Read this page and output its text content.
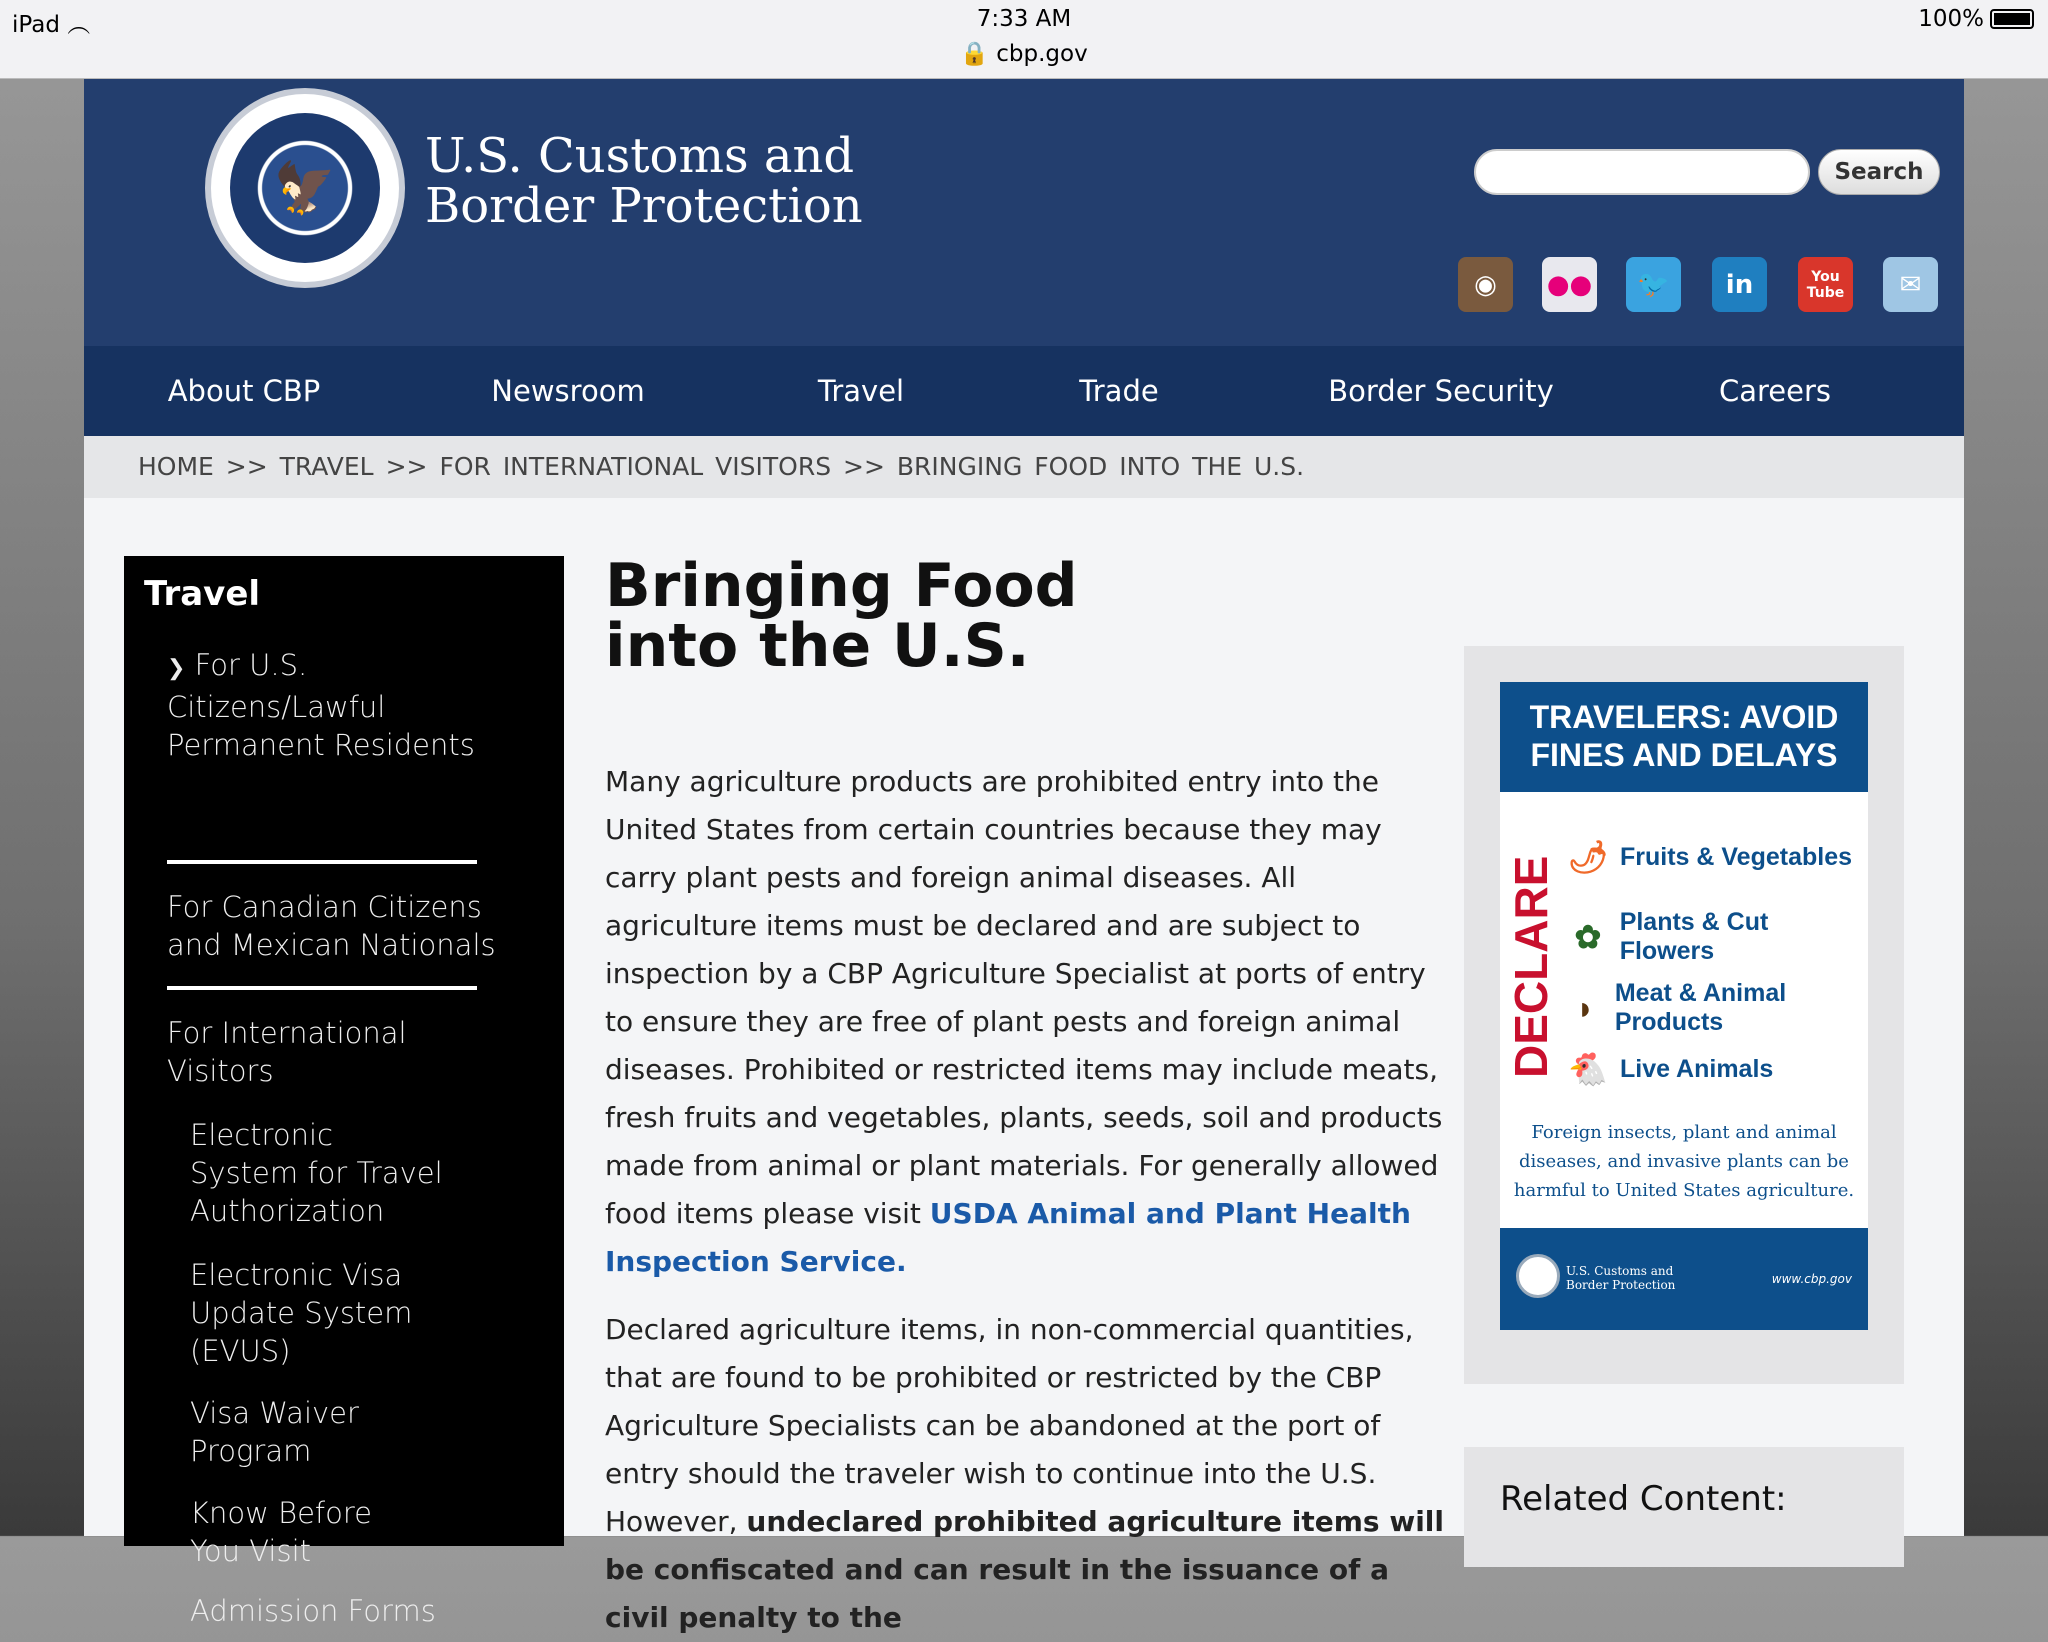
iPad ︵	7:33 AM
🔒 cbp.gov
100%
🦅
U.S. Customs and
Border Protection
Search
◉	●●	🐦	in	You Tube	✉
About CBP	Newsroom	Travel	Trade	Border Security	Careers
HOME >> TRAVEL >> FOR INTERNATIONAL VISITORS >> BRINGING FOOD INTO THE U.S.
Travel
❯ For U.S. Citizens/Lawful Permanent Residents
For Canadian Citizens and Mexican Nationals
For International Visitors
Electronic System for Travel Authorization
Electronic Visa Update System (EVUS)
Visa Waiver Program
Know Before You Visit
Admission Forms
Bringing Food into the U.S.

Many agriculture products are prohibited entry into the United States from certain countries because they may carry plant pests and foreign animal diseases. All agriculture items must be declared and are subject to inspection by a CBP Agriculture Specialist at ports of entry to ensure they are free of plant pests and foreign animal diseases. Prohibited or restricted items may include meats, fresh fruits and vegetables, plants, seeds, soil and products made from animal or plant materials. For generally allowed food items please visit USDA Animal and Plant Health Inspection Service.

Declared agriculture items, in non-commercial quantities, that are found to be prohibited or restricted by the CBP Agriculture Specialists can be abandoned at the port of entry should the traveler wish to continue into the U.S. However, undeclared prohibited agriculture items will be confiscated and can result in the issuance of a civil penalty to the

TRAVELERS: AVOID FINES AND DELAYS
DECLARE 🌶 Fruits & Vegetables
✿ Plants & Cut Flowers
◗ Meat & Animal Products
🐔 Live Animals
Foreign insects, plant and animal diseases, and invasive plants can be harmful to United States agriculture.
U.S. Customs and Border Protection	www.cbp.gov
Related Content:
